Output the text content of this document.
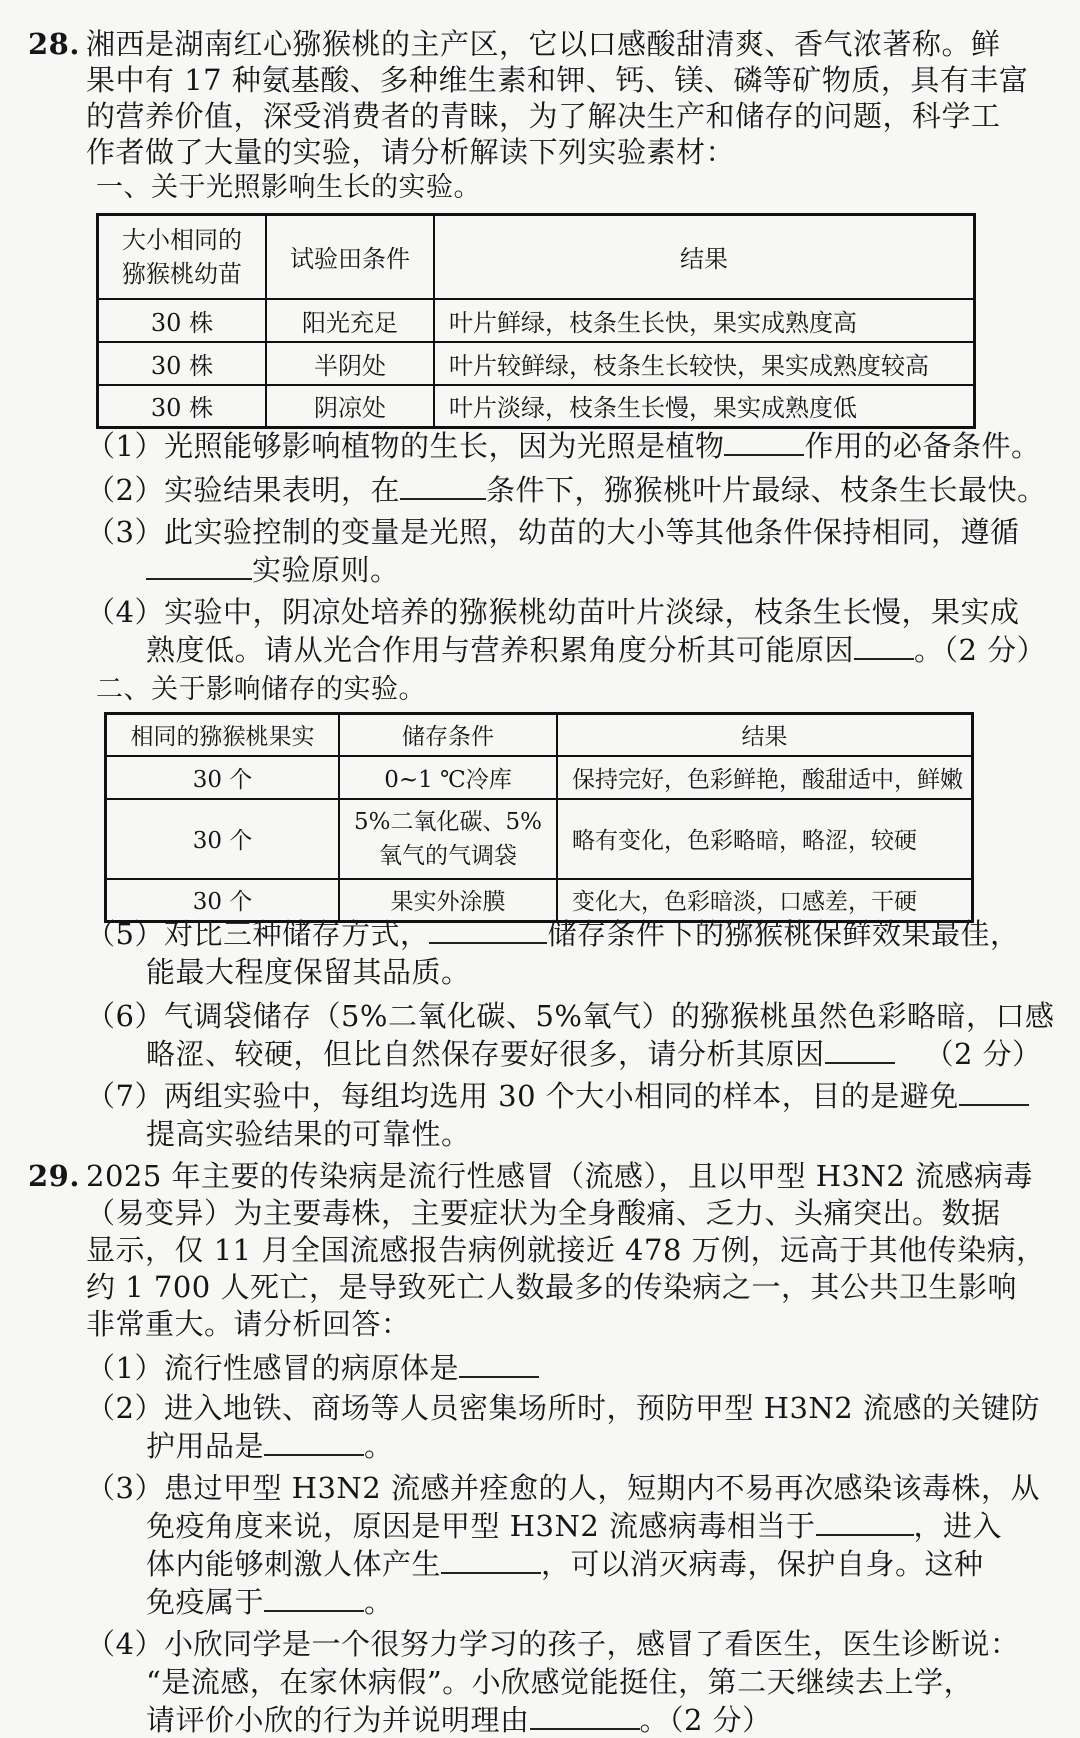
28. 湘西是湖南红心猕猴桃的主产区，它以口感酸甜清爽、香气浓著称。鲜
果中有 17 种氨基酸、多种维生素和钾、钙、镁、磷等矿物质，具有丰富
的营养价值，深受消费者的青睐，为了解决生产和储存的问题，科学工
作者做了大量的实验，请分析解读下列实验素材：
一、关于光照影响生长的实验。
大小相同的
猕猴桃幼苗	试验田条件	结果
30 株	阳光充足	叶片鲜绿，枝条生长快，果实成熟度高
30 株	半阴处	叶片较鲜绿，枝条生长较快，果实成熟度较高
30 株	阴凉处	叶片淡绿，枝条生长慢，果实成熟度低
（1）光照能够影响植物的生长，因为光照是植物	作用的必备条件。
（2）实验结果表明，在	条件下，猕猴桃叶片最绿、枝条生长最快。
（3）此实验控制的变量是光照，幼苗的大小等其他条件保持相同，遵循
实验原则。
（4）实验中，阴凉处培养的猕猴桃幼苗叶片淡绿，枝条生长慢，果实成
熟度低。请从光合作用与营养积累角度分析其可能原因 。（2 分）
二、关于影响储存的实验。
相同的猕猴桃果实	储存条件	结果
30 个	0~1 ℃冷库	保持完好，色彩鲜艳，酸甜适中，鲜嫩
30 个	5%二氧化碳、5%
氧气的气调袋	略有变化，色彩略暗，略涩，较硬
30 个	果实外涂膜	变化大，色彩暗淡，口感差，干硬
（5）对比三种储存方式，	储存条件下的猕猴桃保鲜效果最佳，
能最大程度保留其品质。
（6）气调袋储存（5%二氧化碳、5%氧气）的猕猴桃虽然色彩略暗，口感
略涩、较硬，但比自然保存要好很多，请分析其原因	（2 分）
（7）两组实验中，每组均选用 30 个大小相同的样本，目的是避免
提高实验结果的可靠性。
29. 2025 年主要的传染病是流行性感冒（流感），且以甲型 H3N2 流感病毒
（易变异）为主要毒株，主要症状为全身酸痛、乏力、头痛突出。数据
显示，仅 11 月全国流感报告病例就接近 478 万例，远高于其他传染病，
约 1 700 人死亡，是导致死亡人数最多的传染病之一，其公共卫生影响
非常重大。请分析回答：
（1）流行性感冒的病原体是
（2）进入地铁、商场等人员密集场所时，预防甲型 H3N2 流感的关键防
护用品是	。
（3）患过甲型 H3N2 流感并痊愈的人，短期内不易再次感染该毒株，从
免疫角度来说，原因是甲型 H3N2 流感病毒相当于	，进入
体内能够刺激人体产生	，可以消灭病毒，保护自身。这种
免疫属于	。
（4）小欣同学是一个很努力学习的孩子，感冒了看医生，医生诊断说：
“是流感，在家休病假”。小欣感觉能挺住，第二天继续去上学，
请评价小欣的行为并说明理由	。（2 分）
